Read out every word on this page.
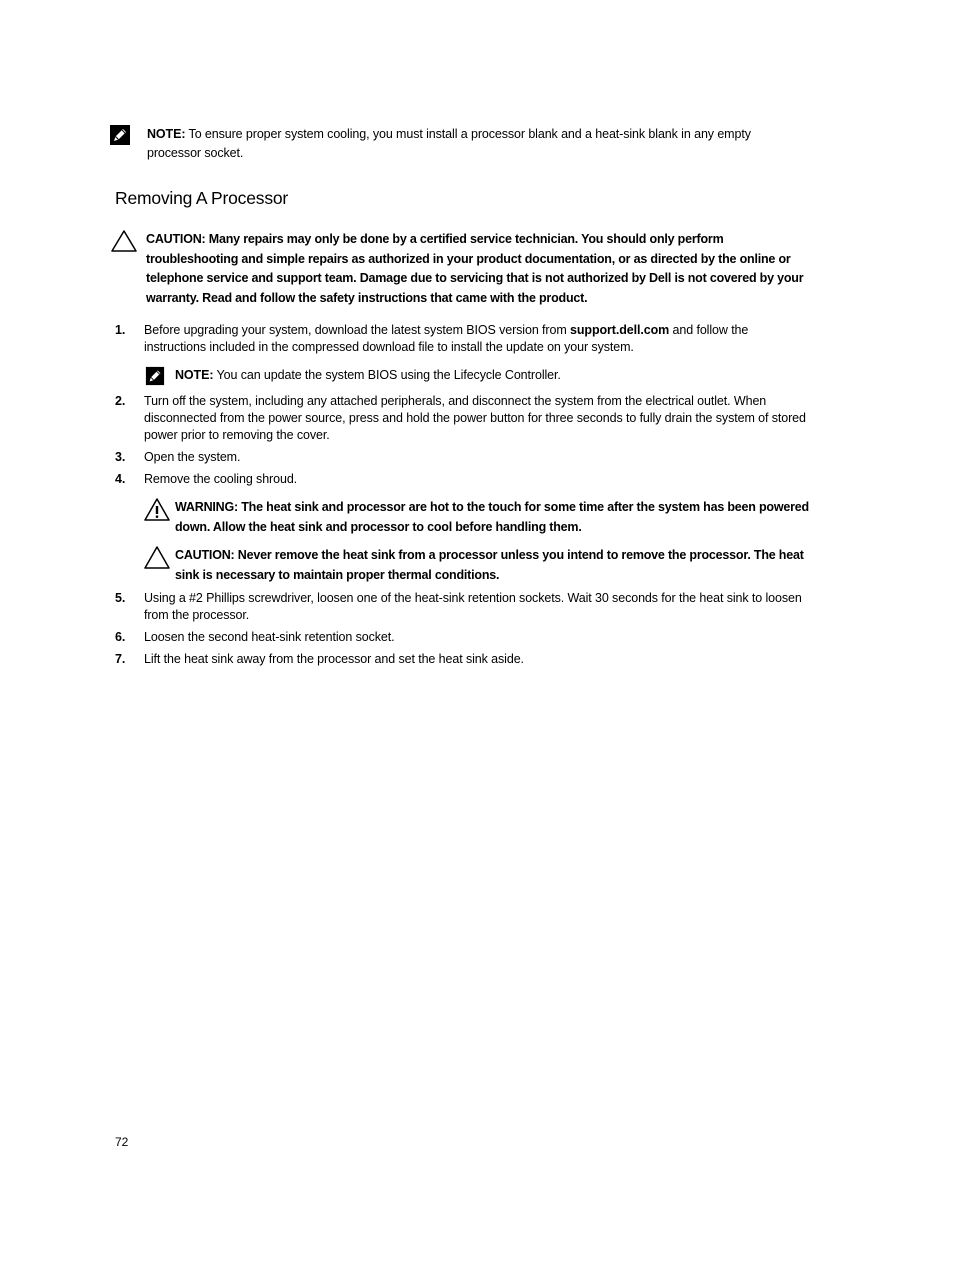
NOTE: To ensure proper system cooling, you must install a processor blank and a heat-sink blank in any empty processor socket.
Removing A Processor
CAUTION: Many repairs may only be done by a certified service technician. You should only perform troubleshooting and simple repairs as authorized in your product documentation, or as directed by the online or telephone service and support team. Damage due to servicing that is not authorized by Dell is not covered by your warranty. Read and follow the safety instructions that came with the product.
1. Before upgrading your system, download the latest system BIOS version from support.dell.com and follow the instructions included in the compressed download file to install the update on your system.
NOTE: You can update the system BIOS using the Lifecycle Controller.
2. Turn off the system, including any attached peripherals, and disconnect the system from the electrical outlet. When disconnected from the power source, press and hold the power button for three seconds to fully drain the system of stored power prior to removing the cover.
3. Open the system.
4. Remove the cooling shroud.
WARNING: The heat sink and processor are hot to the touch for some time after the system has been powered down. Allow the heat sink and processor to cool before handling them.
CAUTION: Never remove the heat sink from a processor unless you intend to remove the processor. The heat sink is necessary to maintain proper thermal conditions.
5. Using a #2 Phillips screwdriver, loosen one of the heat-sink retention sockets. Wait 30 seconds for the heat sink to loosen from the processor.
6. Loosen the second heat-sink retention socket.
7. Lift the heat sink away from the processor and set the heat sink aside.
72
